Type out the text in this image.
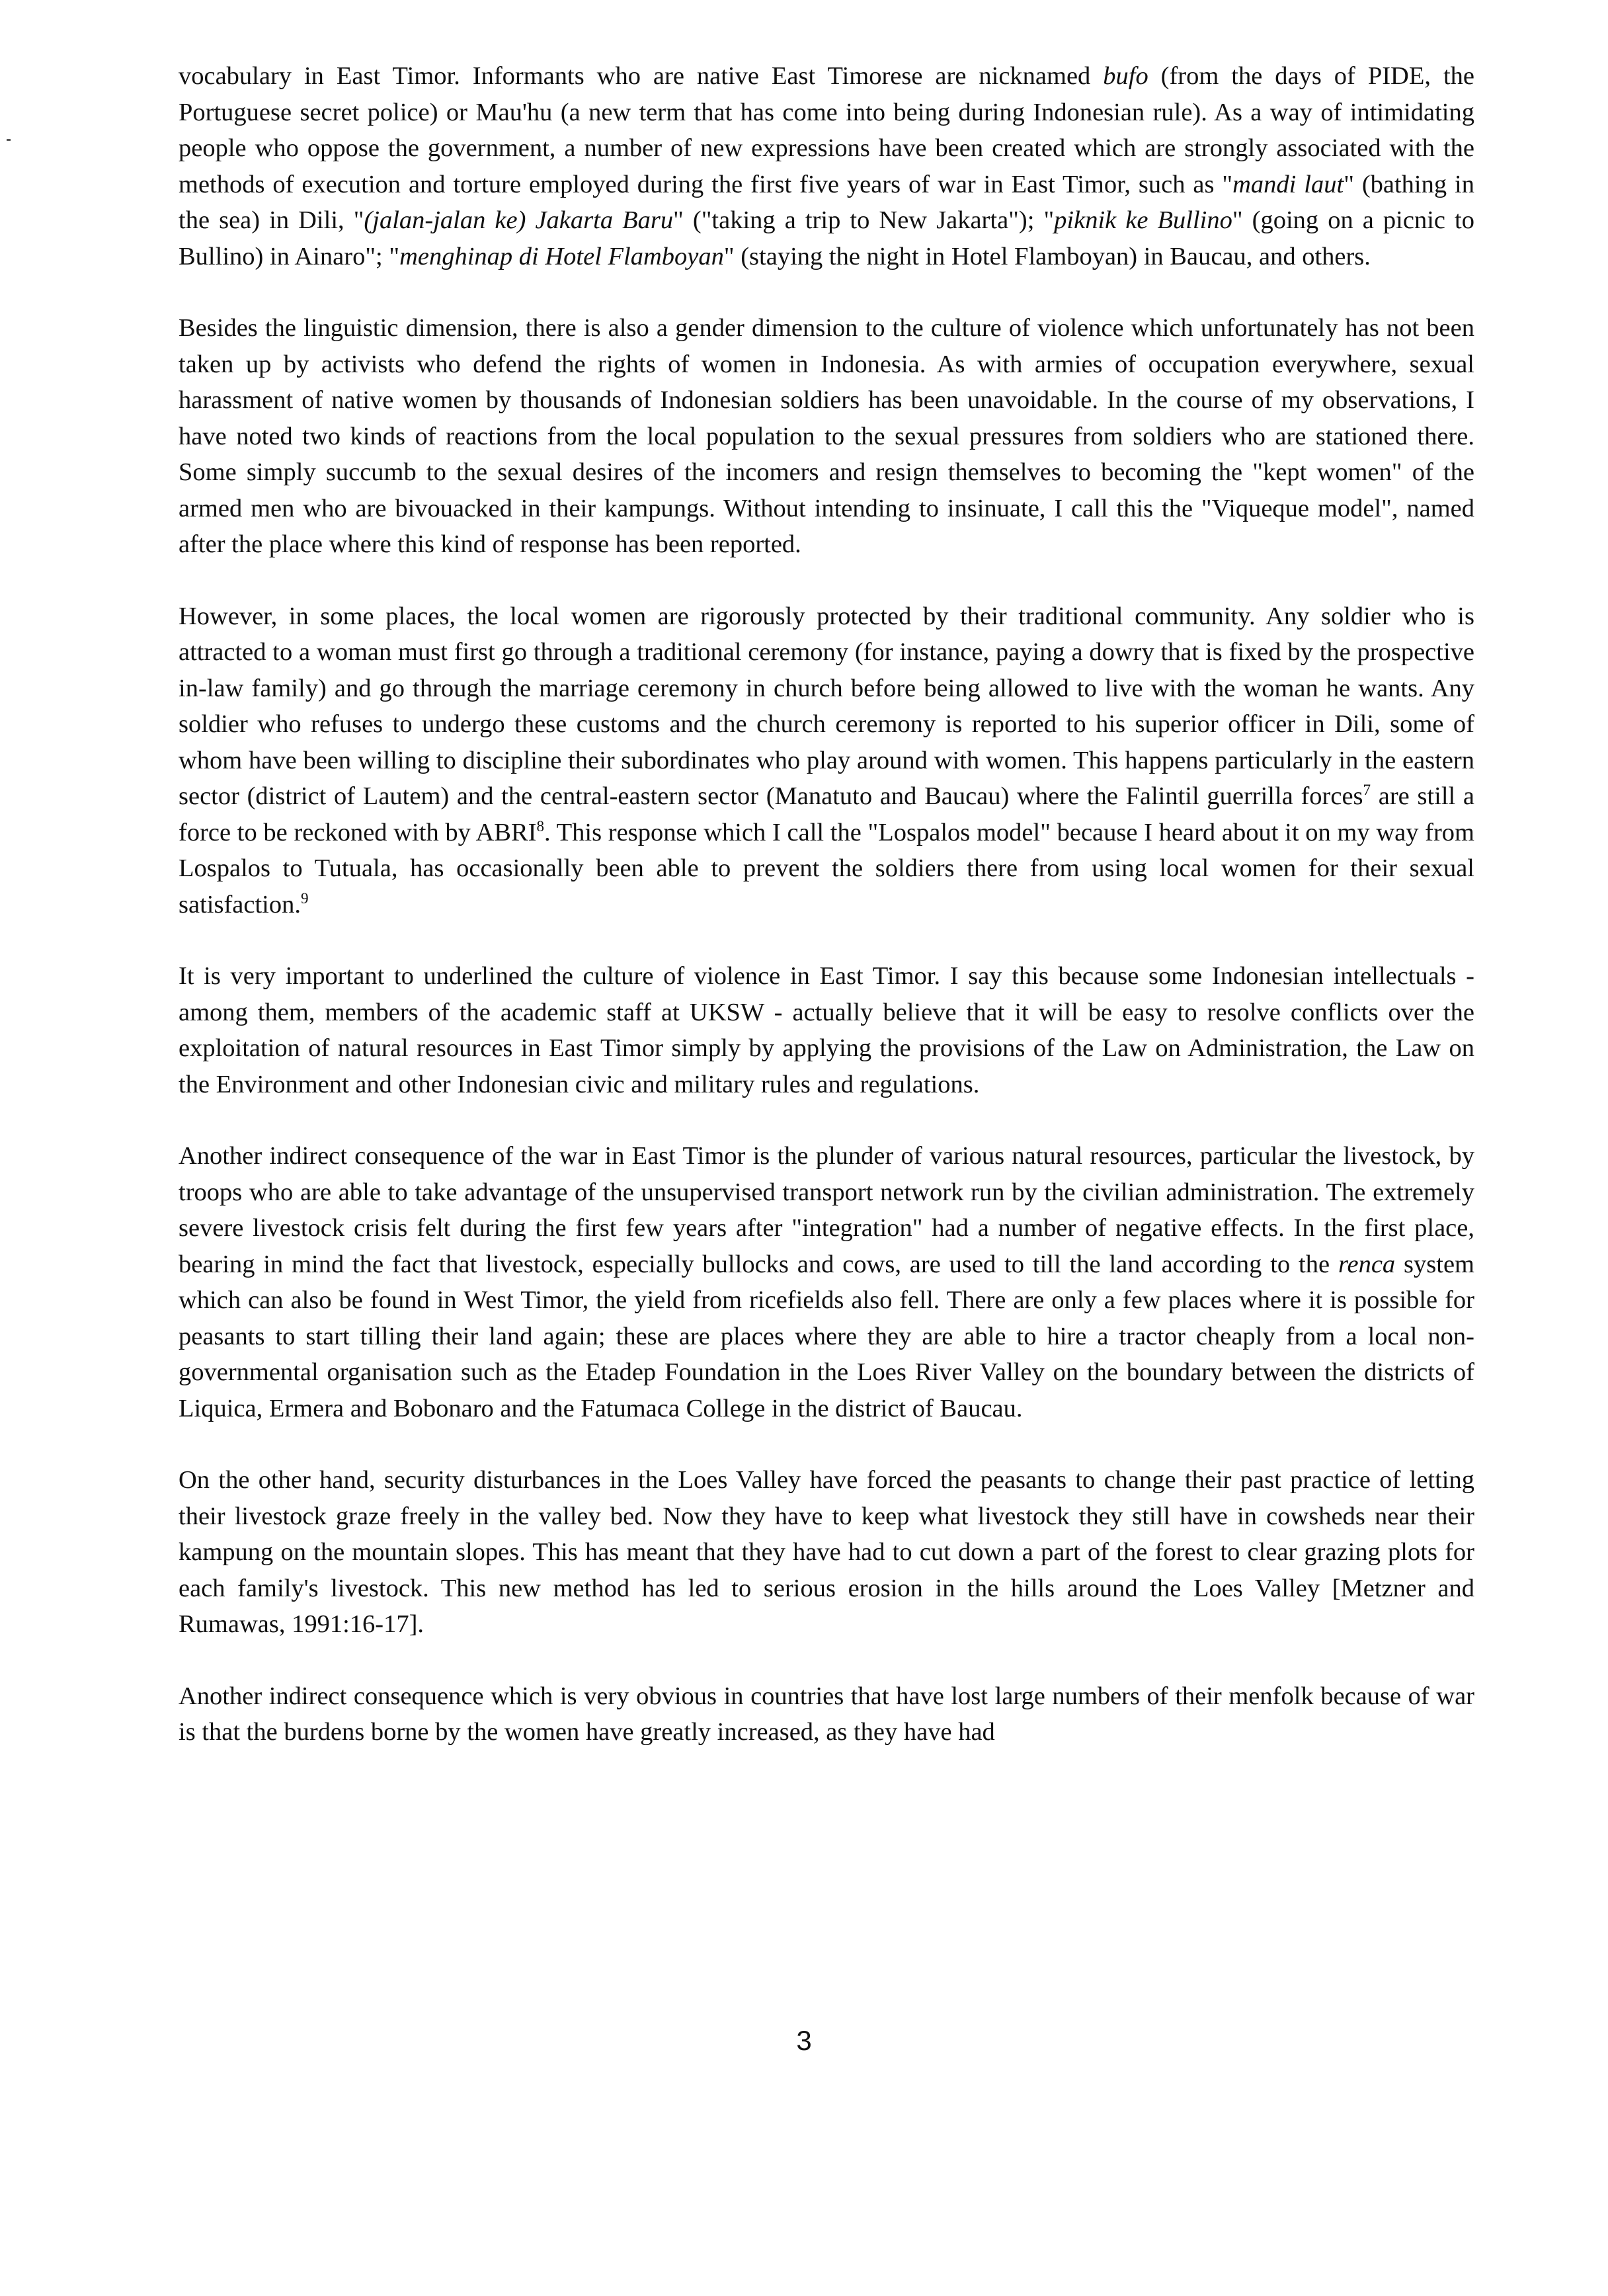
vocabulary in East Timor. Informants who are native East Timorese are nicknamed bufo (from the days of PIDE, the Portuguese secret police) or Mau'hu (a new term that has come into being during Indonesian rule). As a way of intimidating people who oppose the government, a number of new expressions have been created which are strongly associated with the methods of execution and torture employed during the first five years of war in East Timor, such as "mandi laut" (bathing in the sea) in Dili, "(jalan-jalan ke) Jakarta Baru" ("taking a trip to New Jakarta"); "piknik ke Bullino" (going on a picnic to Bullino) in Ainaro"; "menghinap di Hotel Flamboyan" (staying the night in Hotel Flamboyan) in Baucau, and others.

Besides the linguistic dimension, there is also a gender dimension to the culture of violence which unfortunately has not been taken up by activists who defend the rights of women in Indonesia. As with armies of occupation everywhere, sexual harassment of native women by thousands of Indonesian soldiers has been unavoidable. In the course of my observations, I have noted two kinds of reactions from the local population to the sexual pressures from soldiers who are stationed there. Some simply succumb to the sexual desires of the incomers and resign themselves to becoming the "kept women" of the armed men who are bivouacked in their kampungs. Without intending to insinuate, I call this the "Viqueque model", named after the place where this kind of response has been reported.

However, in some places, the local women are rigorously protected by their traditional community. Any soldier who is attracted to a woman must first go through a traditional ceremony (for instance, paying a dowry that is fixed by the prospective in-law family) and go through the marriage ceremony in church before being allowed to live with the woman he wants. Any soldier who refuses to undergo these customs and the church ceremony is reported to his superior officer in Dili, some of whom have been willing to discipline their subordinates who play around with women. This happens particularly in the eastern sector (district of Lautem) and the central-eastern sector (Manatuto and Baucau) where the Falintil guerrilla forces$^7$ are still a force to be reckoned with by ABRI$^8$. This response which I call the "Lospalos model" because I heard about it on my way from Lospalos to Tutuala, has occasionally been able to prevent the soldiers there from using local women for their sexual satisfaction.$^9$

It is very important to underlined the culture of violence in East Timor. I say this because some Indonesian intellectuals - among them, members of the academic staff at UKSW - actually believe that it will be easy to resolve conflicts over the exploitation of natural resources in East Timor simply by applying the provisions of the Law on Administration, the Law on the Environment and other Indonesian civic and military rules and regulations.

Another indirect consequence of the war in East Timor is the plunder of various natural resources, particular the livestock, by troops who are able to take advantage of the unsupervised transport network run by the civilian administration. The extremely severe livestock crisis felt during the first few years after "integration" had a number of negative effects. In the first place, bearing in mind the fact that livestock, especially bullocks and cows, are used to till the land according to the renca system which can also be found in West Timor, the yield from ricefields also fell. There are only a few places where it is possible for peasants to start tilling their land again; these are places where they are able to hire a tractor cheaply from a local non-governmental organisation such as the Etadep Foundation in the Loes River Valley on the boundary between the districts of Liquica, Ermera and Bobonaro and the Fatumaca College in the district of Baucau.

On the other hand, security disturbances in the Loes Valley have forced the peasants to change their past practice of letting their livestock graze freely in the valley bed. Now they have to keep what livestock they still have in cowsheds near their kampung on the mountain slopes. This has meant that they have had to cut down a part of the forest to clear grazing plots for each family's livestock. This new method has led to serious erosion in the hills around the Loes Valley [Metzner and Rumawas, 1991:16-17].

Another indirect consequence which is very obvious in countries that have lost large numbers of their menfolk because of war is that the burdens borne by the women have greatly increased, as they have had

3
